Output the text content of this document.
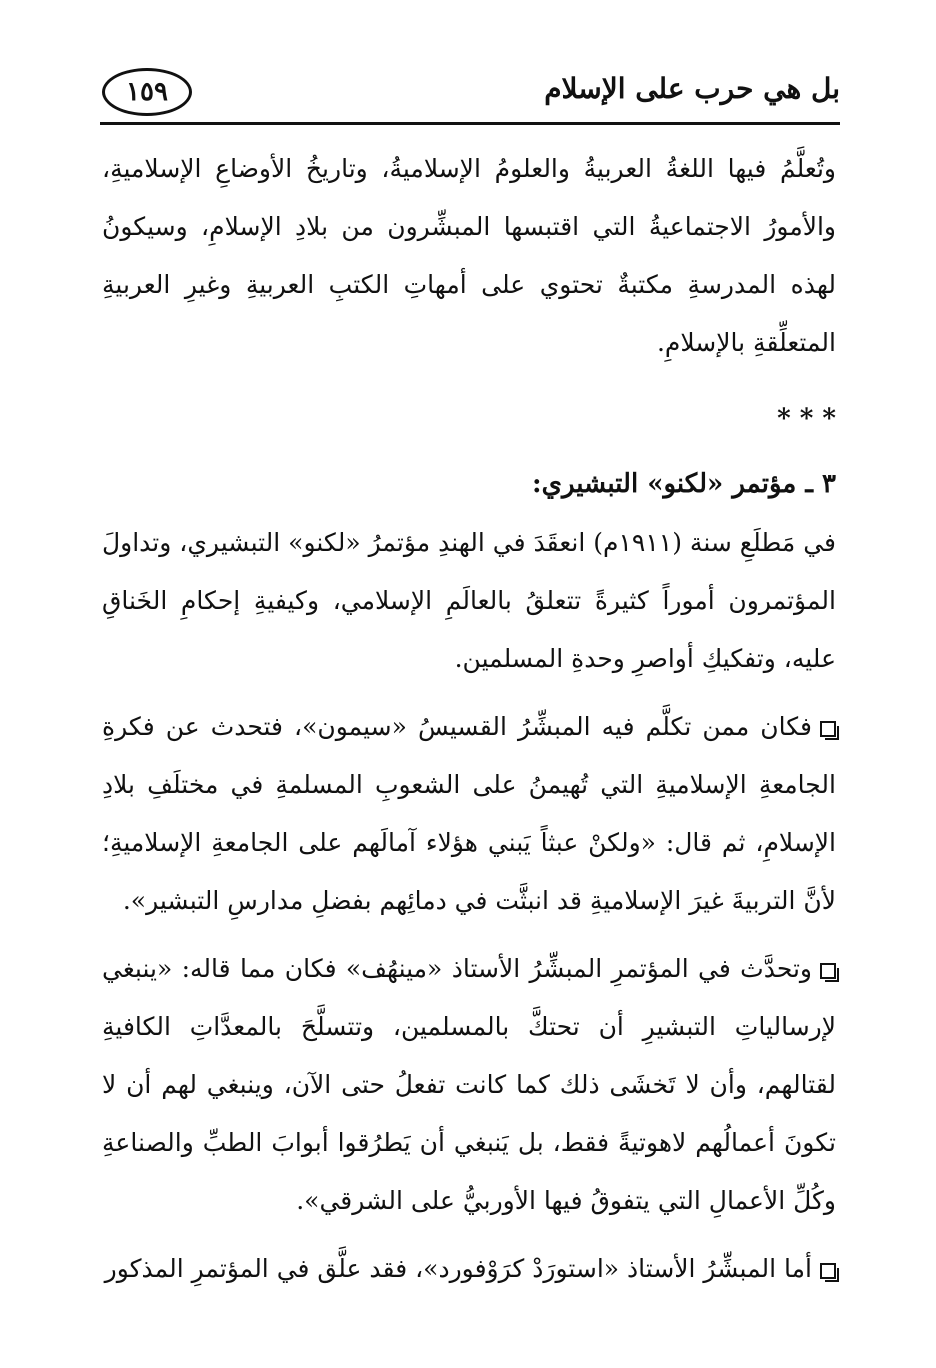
بل هي حرب على الإسلام
١٥٩

وتُعلَّمُ فيها اللغةُ العربيةُ والعلومُ الإسلاميةُ، وتاريخُ الأوضاعِ الإسلاميةِ، والأمورُ الاجتماعيةُ التي اقتبسها المبشِّرون من بلادِ الإسلامِ، وسيكونُ لهذه المدرسةِ مكتبةٌ تحتوي على أمهاتِ الكتبِ العربيةِ وغيرِ العربيةِ المتعلِّقةِ بالإسلامِ.

* * *

٣ ـ مؤتمر «لكنو» التبشيري:

في مَطلَعِ سنة (١٩١١م) انعقَدَ في الهندِ مؤتمرُ «لكنو» التبشيري، وتداولَ المؤتمرون أموراً كثيرةً تتعلقُ بالعالَمِ الإسلامي، وكيفيةِ إحكامِ الخَناقِ عليه، وتفكيكِ أواصرِ وحدةِ المسلمين.

فكان ممن تكلَّم فيه المبشِّرُ القسيسُ «سيمون»، فتحدث عن فكرةِ الجامعةِ الإسلاميةِ التي تُهيمنُ على الشعوبِ المسلمةِ في مختلَفِ بلادِ الإسلامِ، ثم قال: «ولكنْ عبثاً يَبني هؤلاء آمالَهم على الجامعةِ الإسلاميةِ؛ لأنَّ التربيةَ غيرَ الإسلاميةِ قد انبثَّت في دمائِهم بفضلِ مدارسِ التبشير».

وتحدَّث في المؤتمرِ المبشِّرُ الأستاذ «مينهُف» فكان مما قاله: «ينبغي لإرسالياتِ التبشيرِ أن تحتكَّ بالمسلمين، وتتسلَّحَ بالمعدَّاتِ الكافيةِ لقتالهم، وأن لا تَخشَى ذلك كما كانت تفعلُ حتى الآن، وينبغي لهم أن لا تكونَ أعمالُهم لاهوتيةً فقط، بل يَنبغي أن يَطرُقوا أبوابَ الطبِّ والصناعةِ وكُلِّ الأعمالِ التي يتفوقُ فيها الأوربيُّ على الشرقي».

أما المبشِّرُ الأستاذ «استورَدْ كرَوْفورد»، فقد علَّق في المؤتمرِ المذكور
